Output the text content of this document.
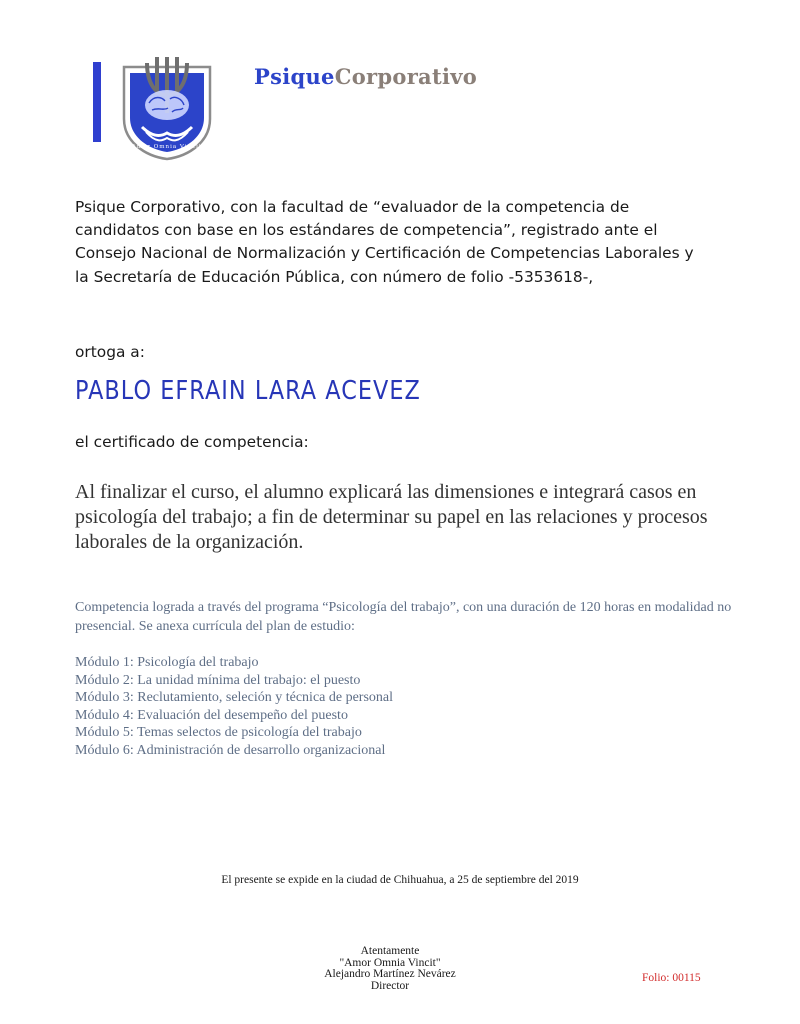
Amor Omnia Vincit
PsiqueCorporativo
Psique Corporativo, con la facultad de “evaluador de la competencia de candidatos con base en los estándares de competencia”, registrado ante el Consejo Nacional de Normalización y Certificación de Competencias Laborales y la Secretaría de Educación Pública, con número de folio -5353618-,
ortoga a:
PABLO EFRAIN LARA ACEVEZ
el certificado de competencia:
Al finalizar el curso, el alumno explicará las dimensiones e integrará casos en psicología del trabajo; a fin de determinar su papel en las relaciones y procesos laborales de la organización.
Competencia lograda a través del programa “Psicología del trabajo”, con una duración de 120 horas en modalidad no presencial. Se anexa currícula del plan de estudio:
Módulo 1: Psicología del trabajo
Módulo 2: La unidad mínima del trabajo: el puesto
Módulo 3: Reclutamiento, seleción y técnica de personal
Módulo 4: Evaluación del desempeño del puesto
Módulo 5: Temas selectos de psicología del trabajo
Módulo 6: Administración de desarrollo organizacional
El presente se expide en la ciudad de Chihuahua, a 25 de septiembre del 2019
Atentamente
"Amor Omnia Vincit"
Alejandro Martínez Nevárez
Director
Folio: 00115
